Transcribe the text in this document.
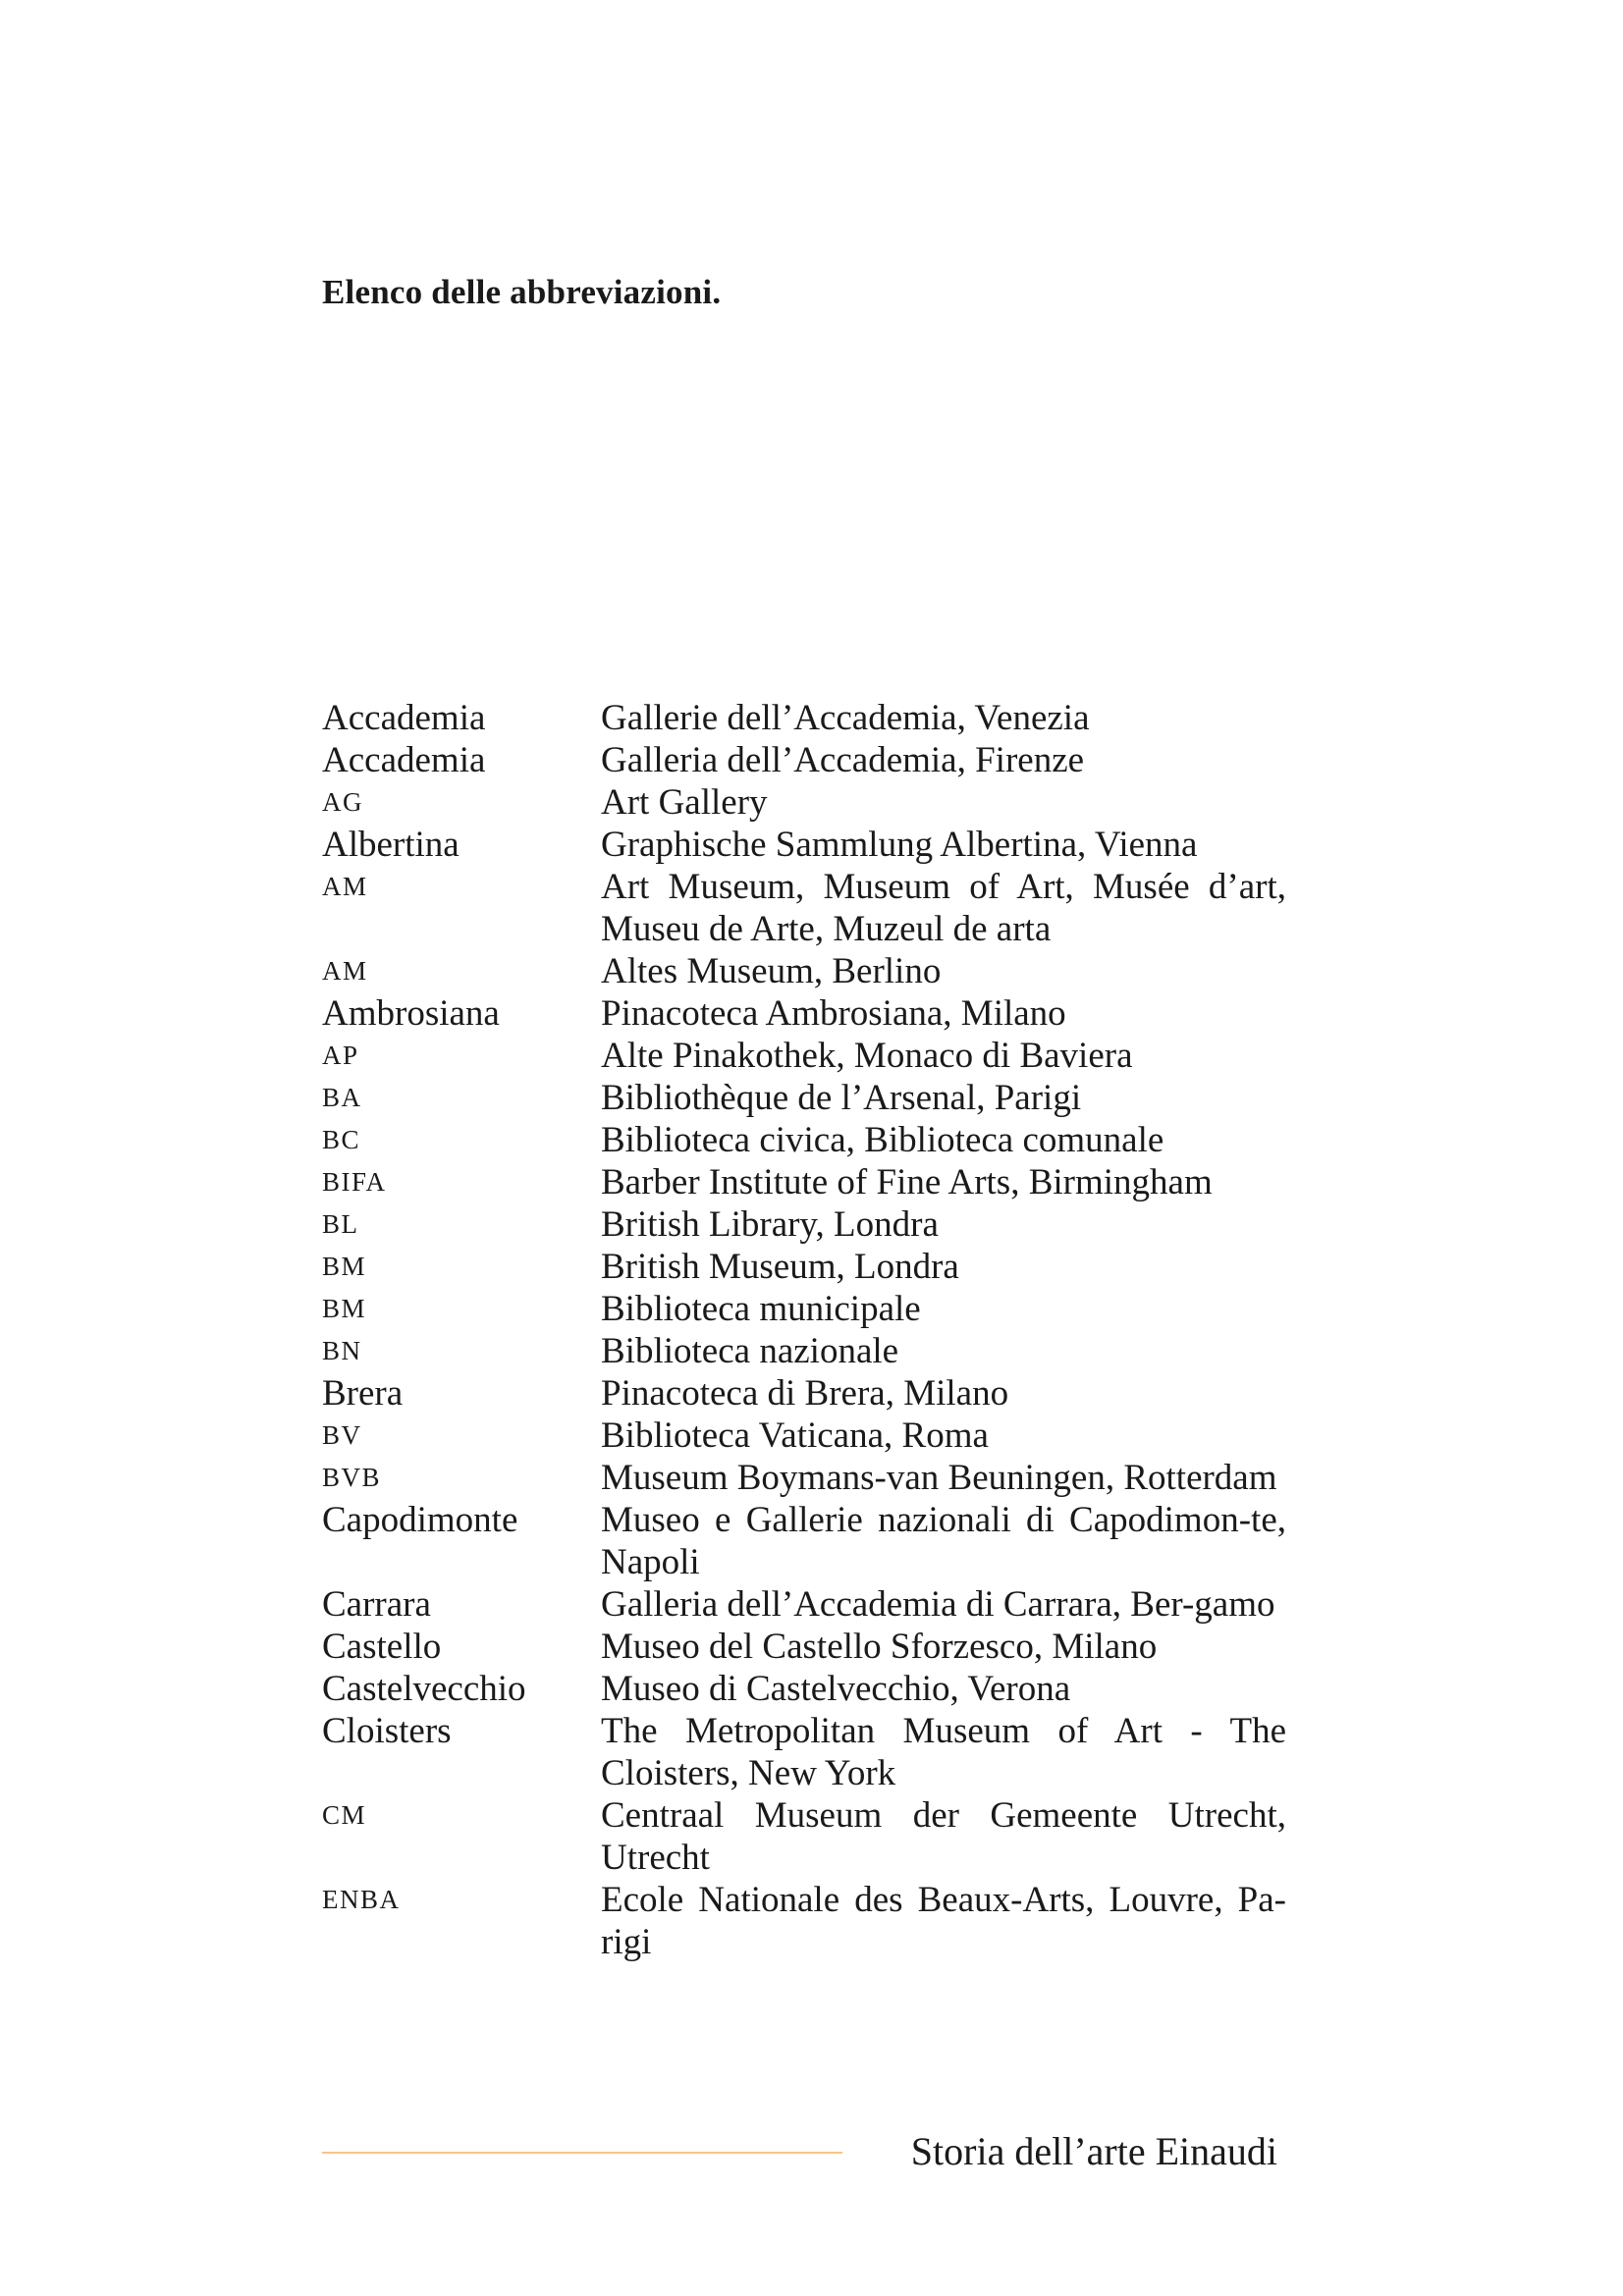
Elenco delle abbreviazioni.
Accademia	Gallerie dell’Accademia, Venezia
Accademia	Galleria dell’Accademia, Firenze
AG	Art Gallery
Albertina	Graphische Sammlung Albertina, Vienna
AM	Art Museum, Museum of Art, Musée d’art, Museu de Arte, Muzeul de arta
AM	Altes Museum, Berlino
Ambrosiana	Pinacoteca Ambrosiana, Milano
AP	Alte Pinakothek, Monaco di Baviera
BA	Bibliothèque de l’Arsenal, Parigi
BC	Biblioteca civica, Biblioteca comunale
BIFA	Barber Institute of Fine Arts, Birmingham
BL	British Library, Londra
BM	British Museum, Londra
BM	Biblioteca municipale
BN	Biblioteca nazionale
Brera	Pinacoteca di Brera, Milano
BV	Biblioteca Vaticana, Roma
BVB	Museum Boymans-van Beuningen, Rotterdam
Capodimonte	Museo e Gallerie nazionali di Capodimon-te, Napoli
Carrara	Galleria dell’Accademia di Carrara, Ber-gamo
Castello	Museo del Castello Sforzesco, Milano
Castelvecchio	Museo di Castelvecchio, Verona
Cloisters	The Metropolitan Museum of Art - The Cloisters, New York
CM	Centraal Museum der Gemeente Utrecht, Utrecht
ENBA	Ecole Nationale des Beaux-Arts, Louvre, Pa-rigi
Storia dell’arte Einaudi
